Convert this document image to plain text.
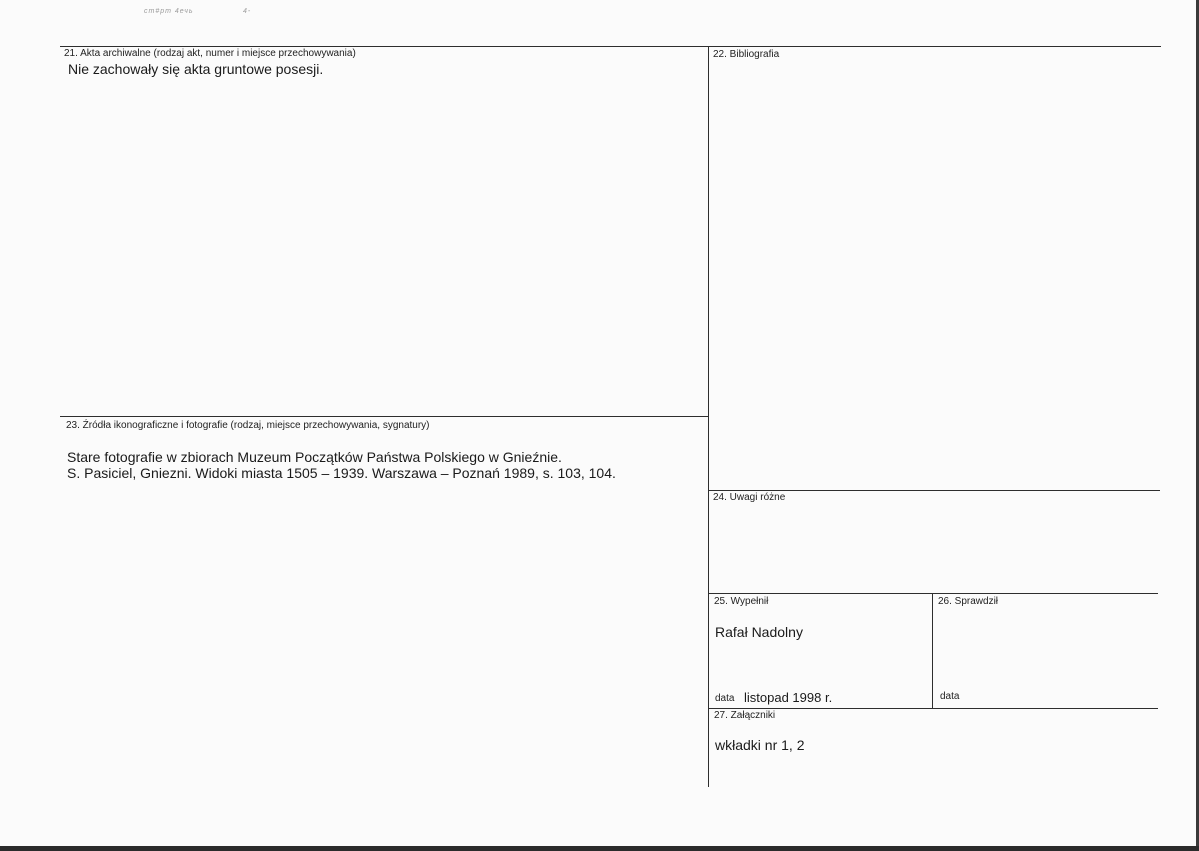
ст#рт 4ечь	4-
21. Akta archiwalne (rodzaj akt, numer i miejsce przechowywania)
Nie zachowały się akta gruntowe posesji.
22. Bibliografia
23. Źródła ikonograficzne i fotografie (rodzaj, miejsce przechowywania, sygnatury)
Stare fotografie w zbiorach Muzeum Początków Państwa Polskiego w Gnieźnie.
S. Pasiciel, Gniezni. Widoki miasta 1505 – 1939. Warszawa – Poznań 1989, s. 103, 104.
24. Uwagi różne
25. Wypełnił
Rafał Nadolny
data listopad 1998 r.
26. Sprawdził
data
27. Załączniki
wkładki nr 1, 2
